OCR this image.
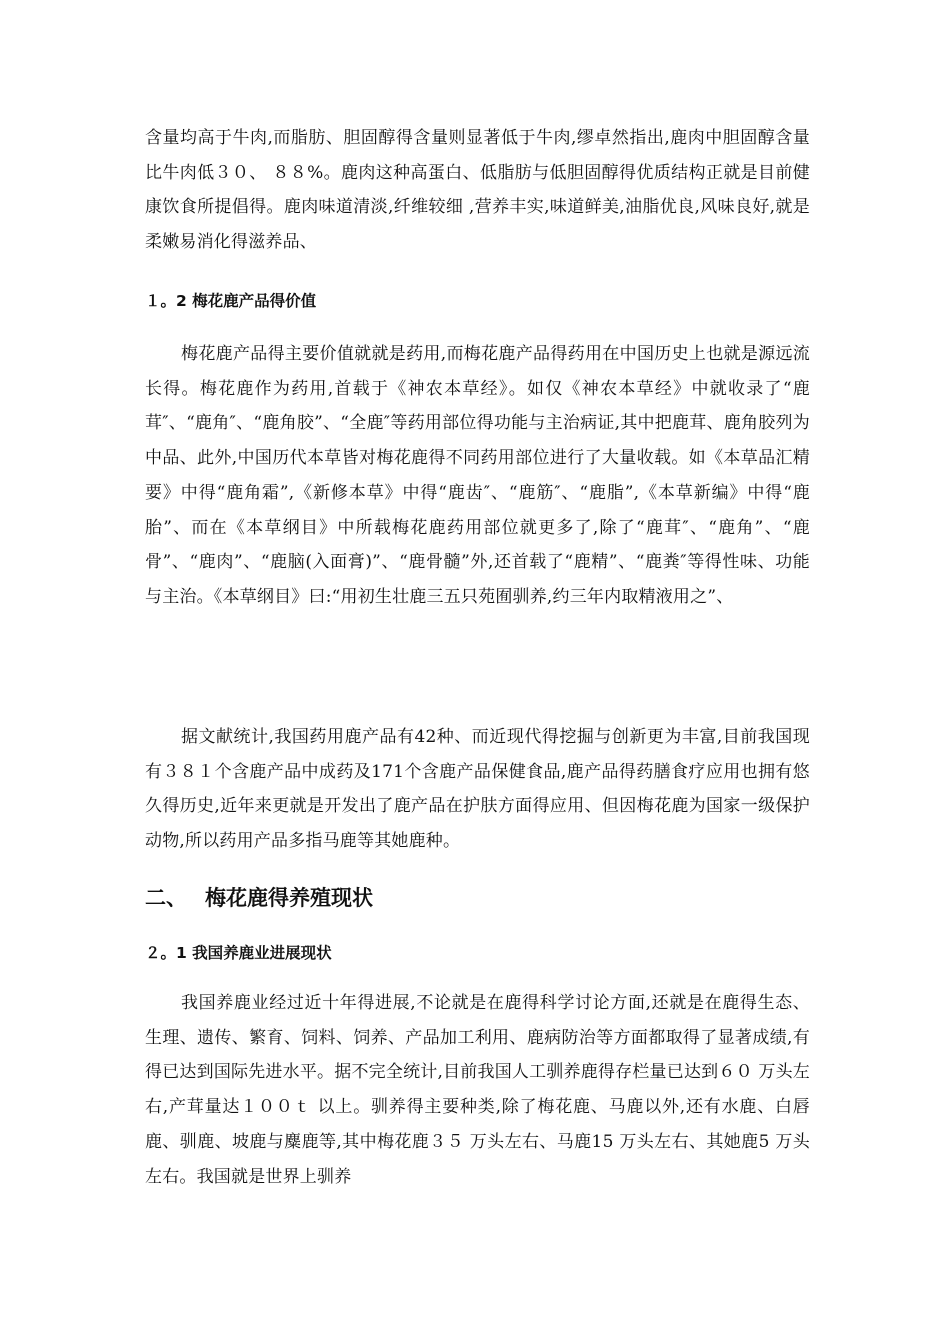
含量均高于牛肉,而脂肪、胆固醇得含量则显著低于牛肉,缪卓然指出,鹿肉中胆固醇含量比牛肉低３０、 ８８%。鹿肉这种高蛋白、低脂肪与低胆固醇得优质结构正就是目前健康饮食所提倡得。鹿肉味道清淡,纤维较细 ,营养丰实,味道鲜美,油脂优良,风味良好,就是柔嫩易消化得滋养品、

１。2 梅花鹿产品得价值

梅花鹿产品得主要价值就就是药用,而梅花鹿产品得药用在中国历史上也就是源远流长得。梅花鹿作为药用,首载于《神农本草经》。如仅《神农本草经》中就收录了“鹿茸″、“鹿角″、“鹿角胶”、“全鹿″等药用部位得功能与主治病证,其中把鹿茸、鹿角胶列为中品、此外,中国历代本草皆对梅花鹿得不同药用部位进行了大量收载。如《本草品汇精要》中得“鹿角霜”,《新修本草》中得“鹿齿″、“鹿筋″、“鹿脂”,《本草新编》中得“鹿胎”、而在《本草纲目》中所载梅花鹿药用部位就更多了,除了“鹿茸″、“鹿角”、“鹿骨”、“鹿肉”、“鹿脑(入面膏)”、“鹿骨髓”外,还首载了“鹿精”、“鹿粪″等得性味、功能与主治。《本草纲目》曰:“用初生壮鹿三五只苑囿驯养,约三年内取精液用之”、

据文献统计,我国药用鹿产品有42种、而近现代得挖掘与创新更为丰富,目前我国现有３８１个含鹿产品中成药及171个含鹿产品保健食品,鹿产品得药膳食疗应用也拥有悠久得历史,近年来更就是开发出了鹿产品在护肤方面得应用、但因梅花鹿为国家一级保护动物,所以药用产品多指马鹿等其她鹿种。

二、 梅花鹿得养殖现状
２。1 我国养鹿业进展现状

我国养鹿业经过近十年得进展,不论就是在鹿得科学讨论方面,还就是在鹿得生态、生理、遗传、繁育、饲料、饲养、产品加工利用、鹿病防治等方面都取得了显著成绩,有得已达到国际先进水平。据不完全统计,目前我国人工驯养鹿得存栏量已达到６０ 万头左右,产茸量达１００ｔ 以上。驯养得主要种类,除了梅花鹿、马鹿以外,还有水鹿、白唇鹿、驯鹿、坡鹿与麋鹿等,其中梅花鹿３５ 万头左右、马鹿15 万头左右、其她鹿5 万头左右。我国就是世界上驯养
